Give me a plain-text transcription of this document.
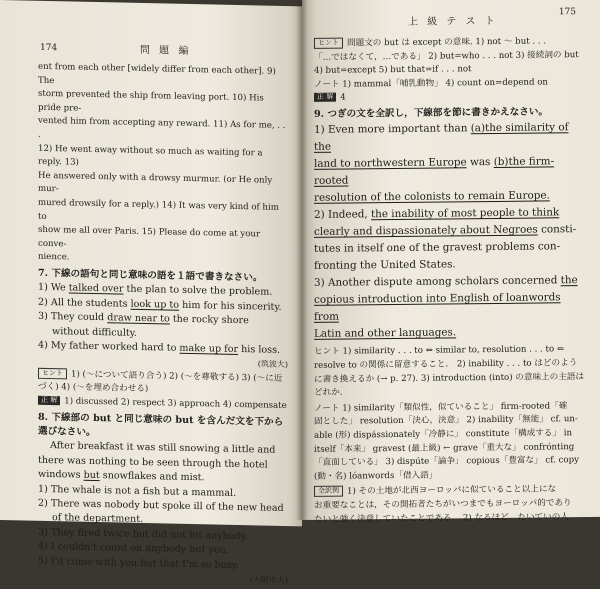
174	問 題 編

ent from each other [widely differ from each other]. 9) The

storm prevented the ship from leaving port. 10) His pride pre-

vented him from accepting any reward. 11) As for me, . . .

12) He went away without so much as waiting for a reply. 13)

He answered only with a drowsy murmur. (or He only mur-

mured drowsily for a reply.) 14) It was very kind of him to

show me all over Paris. 15) Please do come at your conve-

nience.

7. 下線の語句と同じ意味の語を１語で書きなさい。

1) We talked over the plan to solve the problem.

2) All the students look up to him for his sincerity.

3) They could draw near to the rocky shore without difficulty.

4) My father worked hard to make up for his loss.

(筑波大)

ヒント 1) (～について語り合う) 2) (～を尊敬する) 3) (～に近づく) 4) (～を埋め合わせる)

正 解 1) discussed 2) respect 3) approach 4) compensate

8. 下線部の but と同じ意味の but を含んだ文を下から選びなさい。

After breakfast it was still snowing a little and there was nothing to be seen through the hotel windows but snowflakes and mist.

1) The whale is not a fish but a mammal.

2) There was nobody but spoke ill of the new head of the department.

3) They fired twice but did not hit anybody.

4) I couldn't count on anybody but you.

5) I'd come with you but that I'm so busy.

(大阪市大)

上 級 テ ス ト
175

ヒント 問題文の but は except の意味. 1) not ～ but . . .

「…ではなくて，…である」 2) but=who . . . not 3) 接続詞の but

4) but=except 5) but that=if . . . not

ノート 1) mammal「哺乳動物」 4) count on=depend on

正 解 4

9. つぎの文を全訳し，下線部を節に書きかえなさい。

1) Even more important than (a)the similarity of the

land to northwestern Europe was (b)the firm-rooted

resolution of the colonists to remain Europe.

2) Indeed, the inability of most people to think

clearly and dispassionately about Negroes consti-

tutes in itself one of the gravest problems con-

fronting the United States.

3) Another dispute among scholars concerned the

copious introduction into English of loanwords from

Latin and other languages.

ヒント 1) similarity . . . to ⇐ similar to, resolution . . . to ⇐

resolve to の関係に留意すること． 2) inability . . . to はどのよう

に書き換えるか (→ p. 27). 3) introduction (into) の意味上の主語は

どれか.

ノート 1) similarity「類似性，似ていること」 firm-rooted「確

固とした」 resolution「決心，決意」 2) inability「無能」 cf. un-

able (形) dispássionately「冷静に」 constitute「構成する」 in

itself「本来」 gravest (最上級) ← grave「重大な」 confrónting

「直面している」 3) dispúte「論争」 copious「豊富な」 cf. copy

(動・名) lóanwords「借入語」

全訳例 1) その土地が北西ヨーロッパに似ていること以上にな

お重要なことは，その開拓者たちがいつまでもヨーロッパ的であり

たいと強く決意していたことである． 2) なるほど，たいていの人
